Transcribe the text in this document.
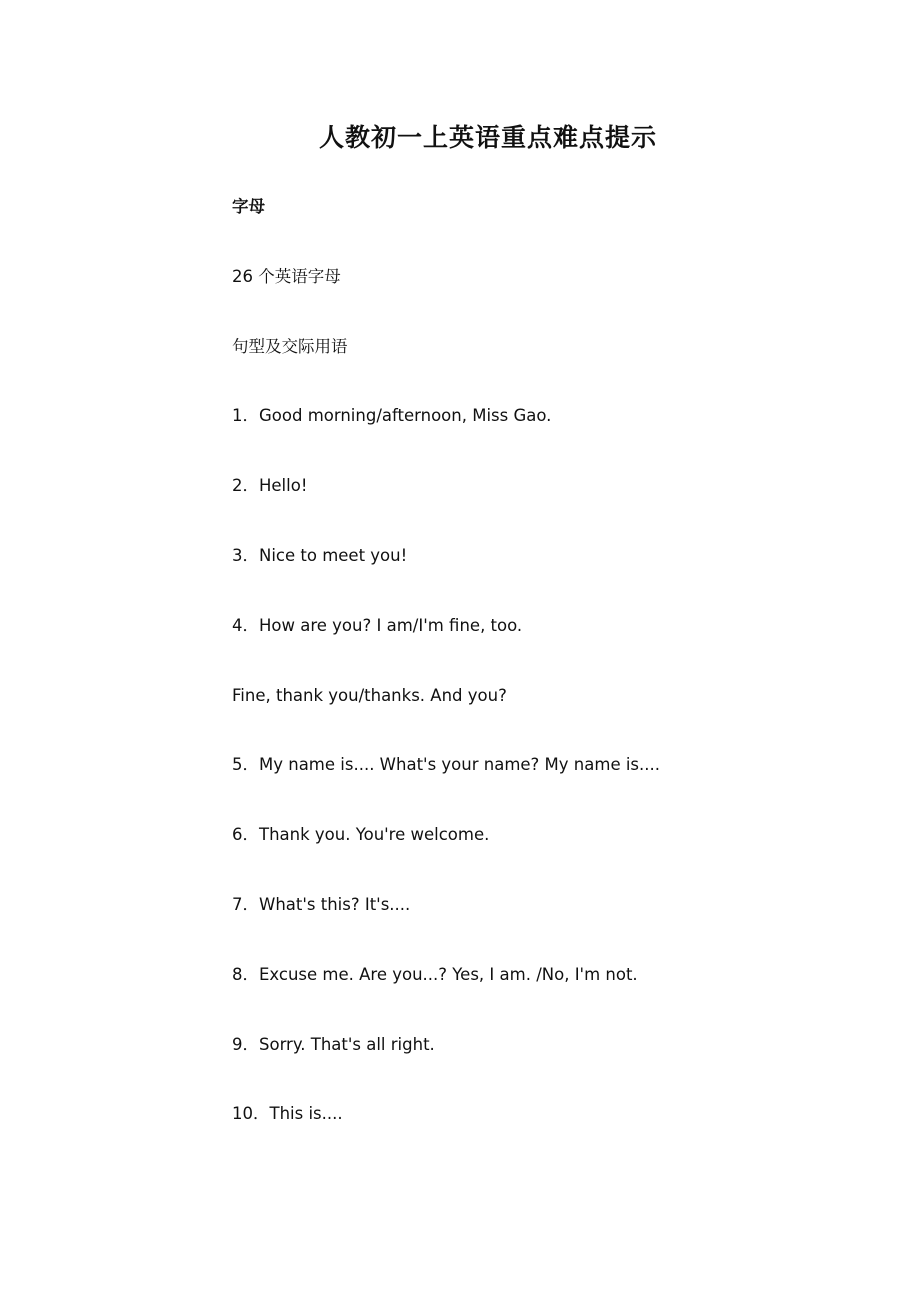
人教初一上英语重点难点提示
字母
26 个英语字母
句型及交际用语
1．Good morning/afternoon, Miss Gao.
2．Hello!
3．Nice to meet you!
4．How are you? I am/I'm fine, too.
Fine, thank you/thanks. And you?
5．My name is.... What's your name? My name is....
6．Thank you. You're welcome.
7．What's this? It's....
8．Excuse me. Are you...? Yes, I am. /No, I'm not.
9．Sorry. That's all right.
10．This is....
